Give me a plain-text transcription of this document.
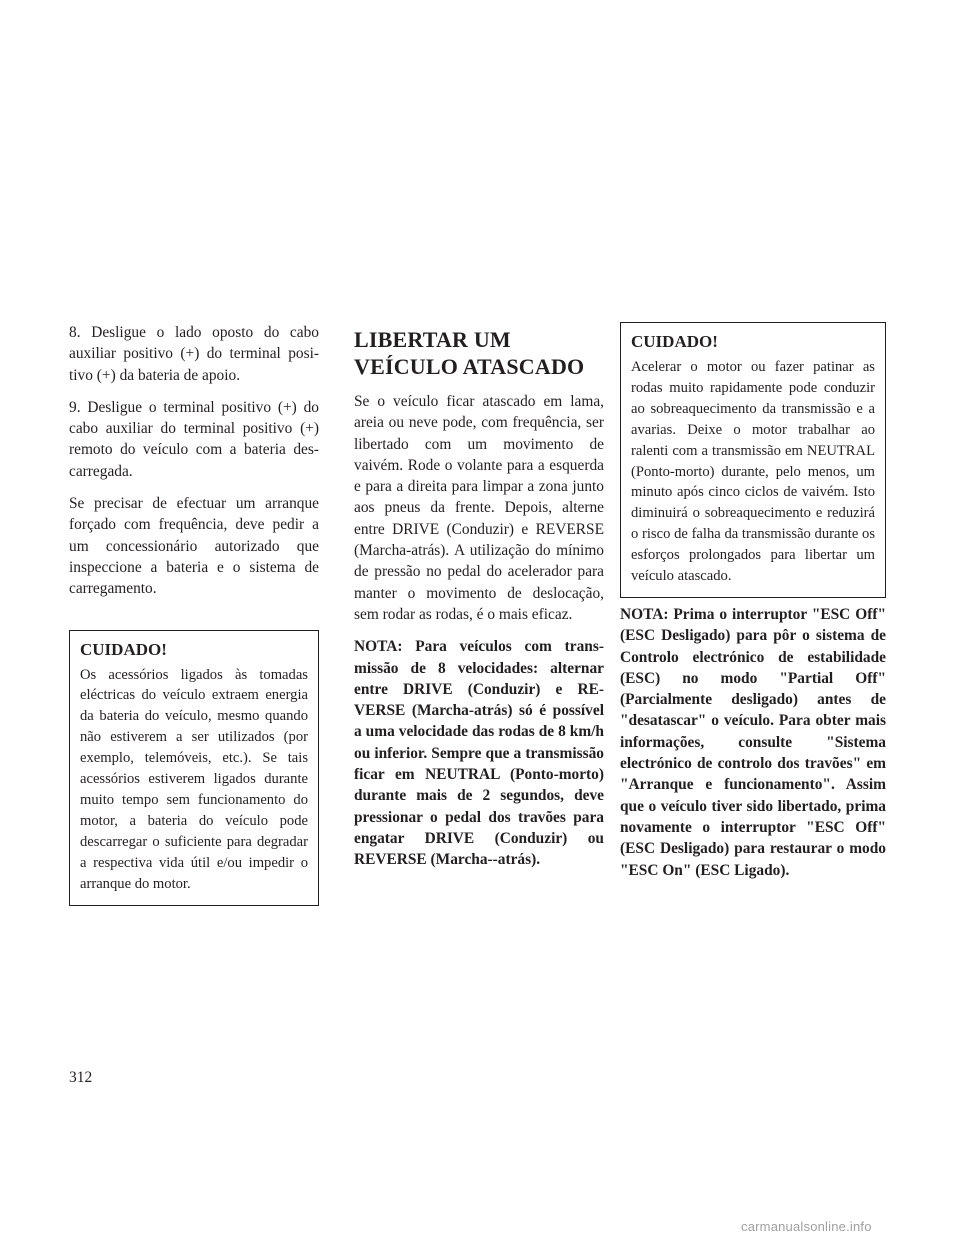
8. Desligue o lado oposto do cabo auxiliar positivo (+) do terminal positivo (+) da bateria de apoio.

9. Desligue o terminal positivo (+) do cabo auxiliar do terminal positivo (+) remoto do veículo com a bateria descarregada.

Se precisar de efectuar um arranque forçado com frequência, deve pedir a um concessionário autorizado que inspeccione a bateria e o sistema de carregamento.

CUIDADO!

Os acessórios ligados às tomadas eléctricas do veículo extraem energia da bateria do veículo, mesmo quando não estiverem a ser utilizados (por exemplo, telemóveis, etc.). Se tais acessórios estiverem ligados durante muito tempo sem funcionamento do motor, a bateria do veículo pode descarregar o suficiente para degradar a respectiva vida útil e/ou impedir o arranque do motor.

LIBERTAR UM VEÍCULO ATASCADO

Se o veículo ficar atascado em lama, areia ou neve pode, com frequência, ser libertado com um movimento de vaivém. Rode o volante para a esquerda e para a direita para limpar a zona junto aos pneus da frente. Depois, alterne entre DRIVE (Conduzir) e REVERSE (Marcha-atrás). A utilização do mínimo de pressão no pedal do acelerador para manter o movimento de deslocação, sem rodar as rodas, é o mais eficaz.

NOTA: Para veículos com transmissão de 8 velocidades: alternar entre DRIVE (Conduzir) e REVERSE (Marcha-atrás) só é possível a uma velocidade das rodas de 8 km/h ou inferior. Sempre que a transmissão ficar em NEUTRAL (Ponto-morto) durante mais de 2 segundos, deve pressionar o pedal dos travões para engatar DRIVE (Conduzir) ou REVERSE (Marcha--atrás).

CUIDADO!

Acelerar o motor ou fazer patinar as rodas muito rapidamente pode conduzir ao sobreaquecimento da transmissão e a avarias. Deixe o motor trabalhar ao ralenti com a transmissão em NEUTRAL (Ponto-morto) durante, pelo menos, um minuto após cinco ciclos de vaivém. Isto diminuirá o sobreaquecimento e reduzirá o risco de falha da transmissão durante os esforços prolongados para libertar um veículo atascado.

NOTA: Prima o interruptor "ESC Off" (ESC Desligado) para pôr o sistema de Controlo electrónico de estabilidade (ESC) no modo "Partial Off" (Parcialmente desligado) antes de "desatascar" o veículo. Para obter mais informações, consulte "Sistema electrónico de controlo dos travões" em "Arranque e funcionamento". Assim que o veículo tiver sido libertado, prima novamente o interruptor "ESC Off" (ESC Desligado) para restaurar o modo "ESC On" (ESC Ligado).

312
carmanualsonline.info
